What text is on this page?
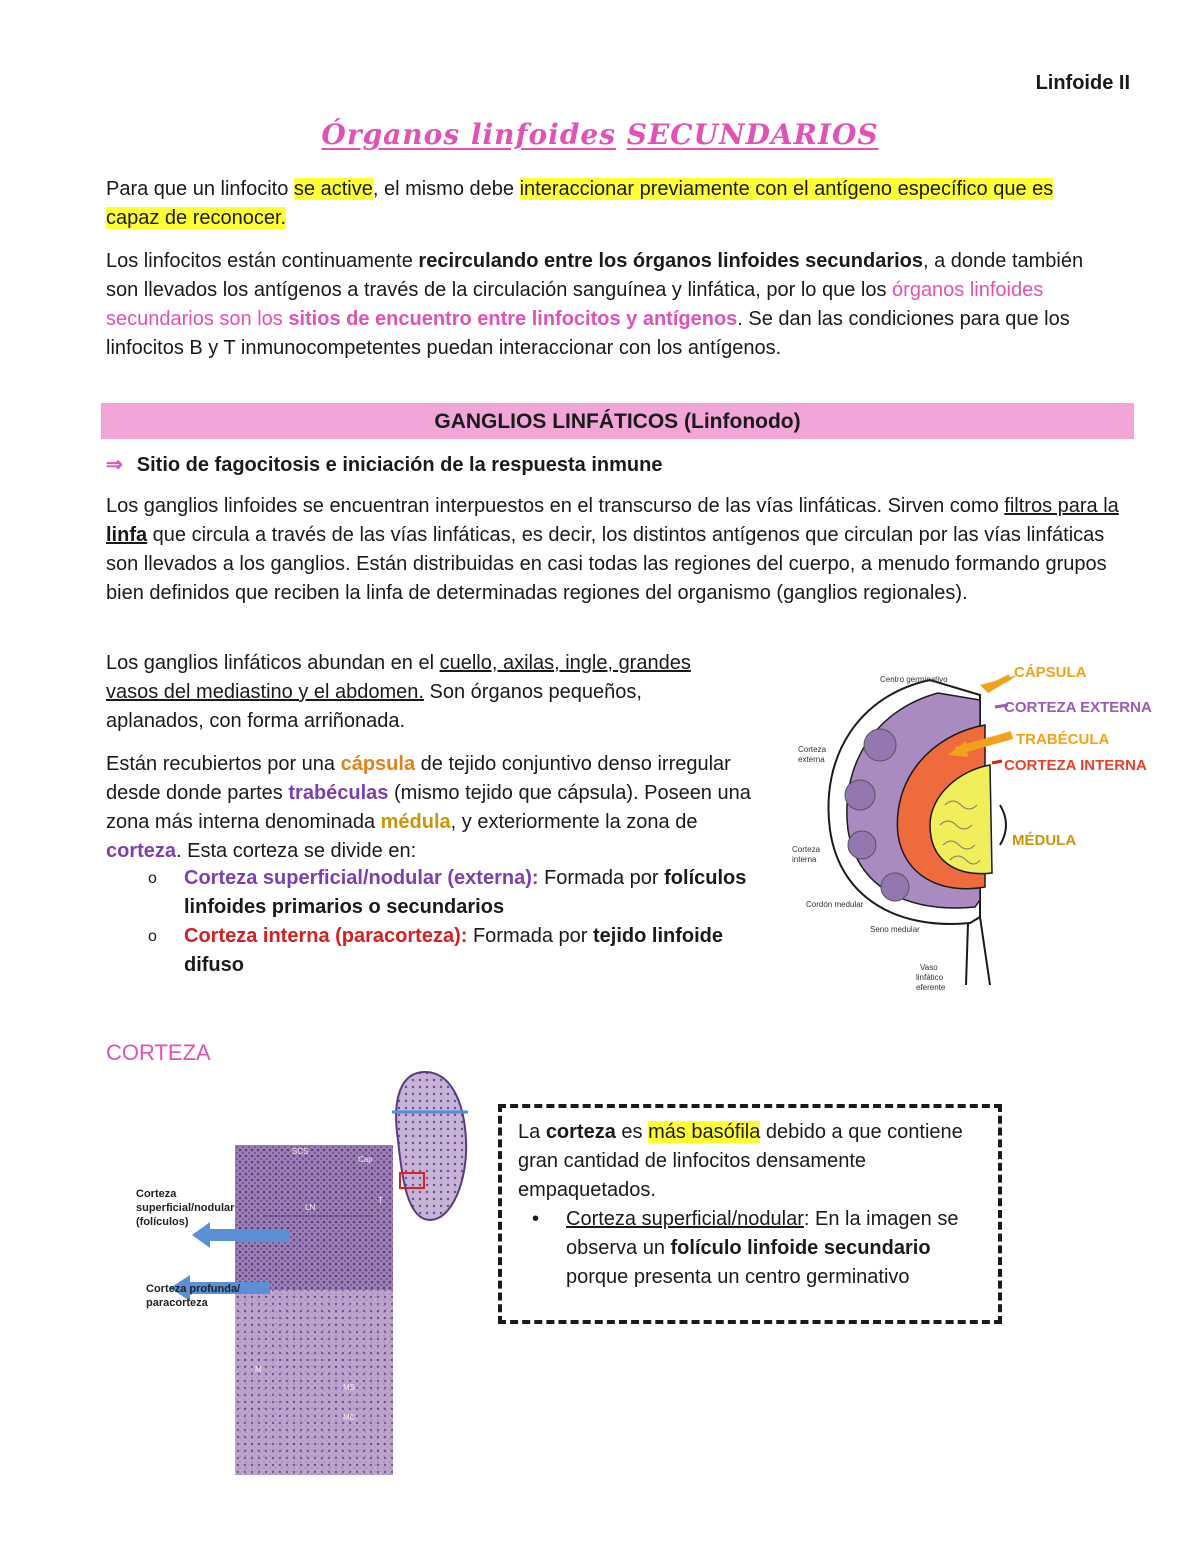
Linfoide II
Órganos linfoides SECUNDARIOS
Para que un linfocito se active, el mismo debe interaccionar previamente con el antígeno específico que es capaz de reconocer.
Los linfocitos están continuamente recirculando entre los órganos linfoides secundarios, a donde también son llevados los antígenos a través de la circulación sanguínea y linfática, por lo que los órganos linfoides secundarios son los sitios de encuentro entre linfocitos y antígenos. Se dan las condiciones para que los linfocitos B y T inmunocompetentes puedan interaccionar con los antígenos.
GANGLIOS LINFÁTICOS (Linfonodo)
⇒ Sitio de fagocitosis e iniciación de la respuesta inmune
Los ganglios linfoides se encuentran interpuestos en el transcurso de las vías linfáticas. Sirven como filtros para la linfa que circula a través de las vías linfáticas, es decir, los distintos antígenos que circulan por las vías linfáticas son llevados a los ganglios. Están distribuidas en casi todas las regiones del cuerpo, a menudo formando grupos bien definidos que reciben la linfa de determinadas regiones del organismo (ganglios regionales).
Los ganglios linfáticos abundan en el cuello, axilas, ingle, grandes vasos del mediastino y el abdomen. Son órganos pequeños, aplanados, con forma arriñonada.
Están recubiertos por una cápsula de tejido conjuntivo denso irregular desde donde partes trabéculas (mismo tejido que cápsula). Poseen una zona más interna denominada médula, y exteriormente la zona de corteza. Esta corteza se divide en:
o Corteza superficial/nodular (externa): Formada por folículos linfoides primarios o secundarios
o Corteza interna (paracorteza): Formada por tejido linfoide difuso
CÁPSULA
CORTEZA EXTERNA
TRABÉCULA
CORTEZA INTERNA
MÉDULA
Centro germinativo
Corteza
externa
Corteza
interna
Cordón medular
Seno medular
Vaso
linfático
eferente
CORTEZA
Corteza
superficial/nodular
(folículos)
Corteza profunda/
paracorteza
SCS
Cap
LN
T
M
MS
MC
La corteza es más basófila debido a que contiene gran cantidad de linfocitos densamente empaquetados.
• Corteza superficial/nodular: En la imagen se observa un folículo linfoide secundario porque presenta un centro germinativo
